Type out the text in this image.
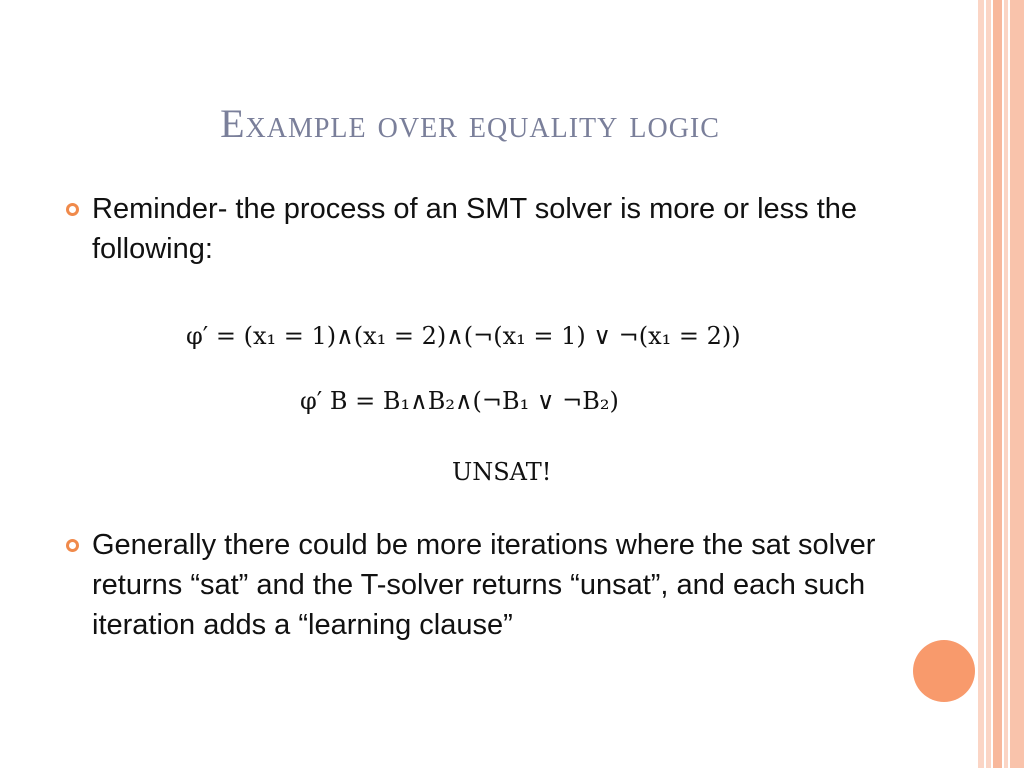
Example over equality logic
Reminder- the process of an SMT solver is more or less the following:
φ′ = (x₁ = 1)∧(x₁ = 2)∧(¬(x₁ = 1) ∨ ¬(x₁ = 2))
φ′ B = B₁∧B₂∧(¬B₁ ∨ ¬B₂)
UNSAT!
Generally there could be more iterations where the sat solver returns “sat” and the T-solver returns “unsat”, and each such iteration adds a “learning clause”
